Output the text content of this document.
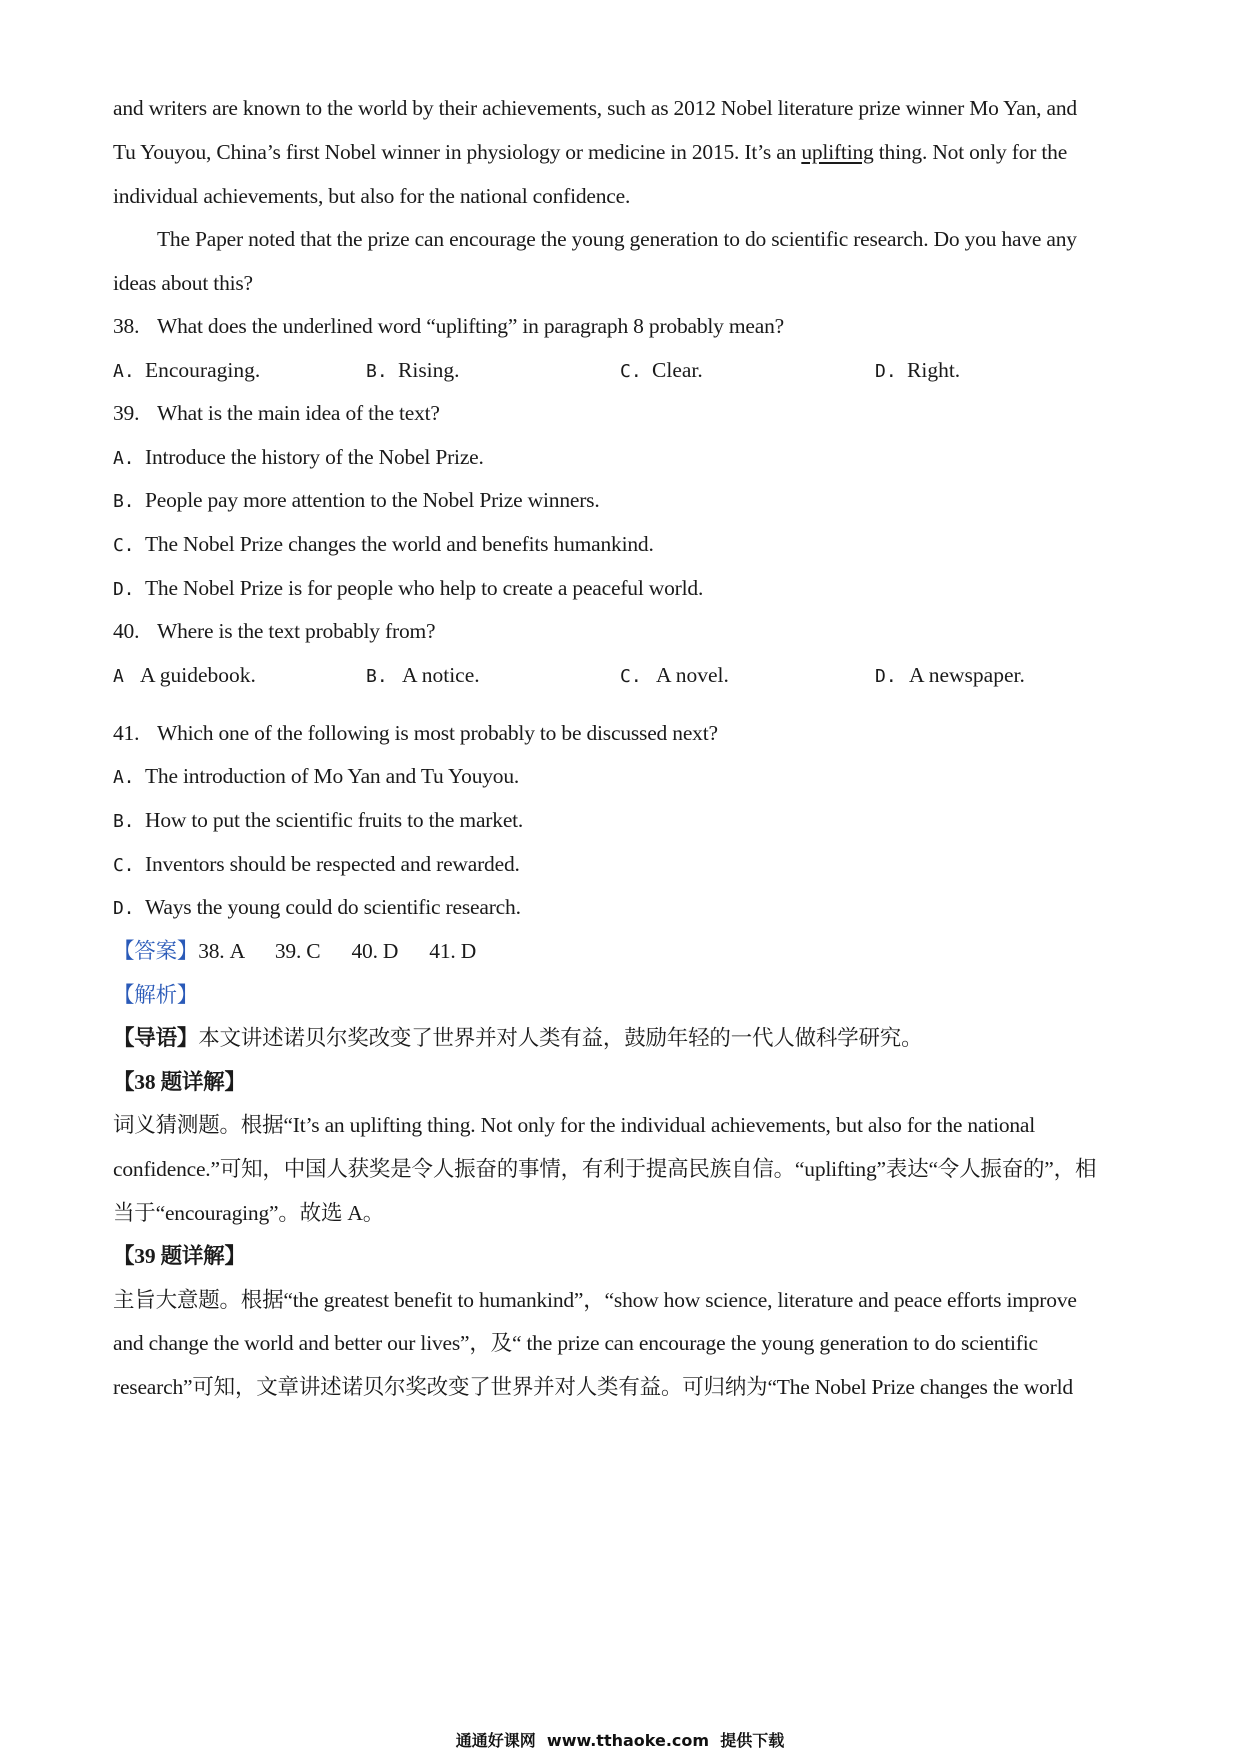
and writers are known to the world by their achievements, such as 2012 Nobel literature prize winner Mo Yan, and
Tu Youyou, China’s first Nobel winner in physiology or medicine in 2015. It’s an uplifting thing. Not only for the
individual achievements, but also for the national confidence.
The Paper noted that the prize can encourage the young generation to do scientific research. Do you have any
ideas about this?
38. What does the underlined word “uplifting” in paragraph 8 probably mean?
A. Encouraging.	B. Rising.	C. Clear.	D. Right.
39. What is the main idea of the text?
A. Introduce the history of the Nobel Prize.
B. People pay more attention to the Nobel Prize winners.
C. The Nobel Prize changes the world and benefits humankind.
D. The Nobel Prize is for people who help to create a peaceful world.
40. Where is the text probably from?
A A guidebook.	B. A notice.	C. A novel.	D. A newspaper.
41. Which one of the following is most probably to be discussed next?
A. The introduction of Mo Yan and Tu Youyou.
B. How to put the scientific fruits to the market.
C. Inventors should be respected and rewarded.
D. Ways the young could do scientific research.
【答案】38. A      39. C      40. D      41. D
【解析】
【导语】本文讲述诺贝尔奖改变了世界并对人类有益，鼓励年轻的一代人做科学研究。
【38 题详解】
词义猜测题。根据“It’s an uplifting thing. Not only for the individual achievements, but also for the national
confidence.”可知，中国人获奖是令人振奋的事情，有利于提高民族自信。“uplifting”表达“令人振奋的”，相
当于“encouraging”。故选 A。
【39 题详解】
主旨大意题。根据“the greatest benefit to humankind”，“show how science, literature and peace efforts improve
and change the world and better our lives”，及“ the prize can encourage the young generation to do scientific
research”可知，文章讲述诺贝尔奖改变了世界并对人类有益。可归纳为“The Nobel Prize changes the world
通通好课网  www.tthaoke.com  提供下载
